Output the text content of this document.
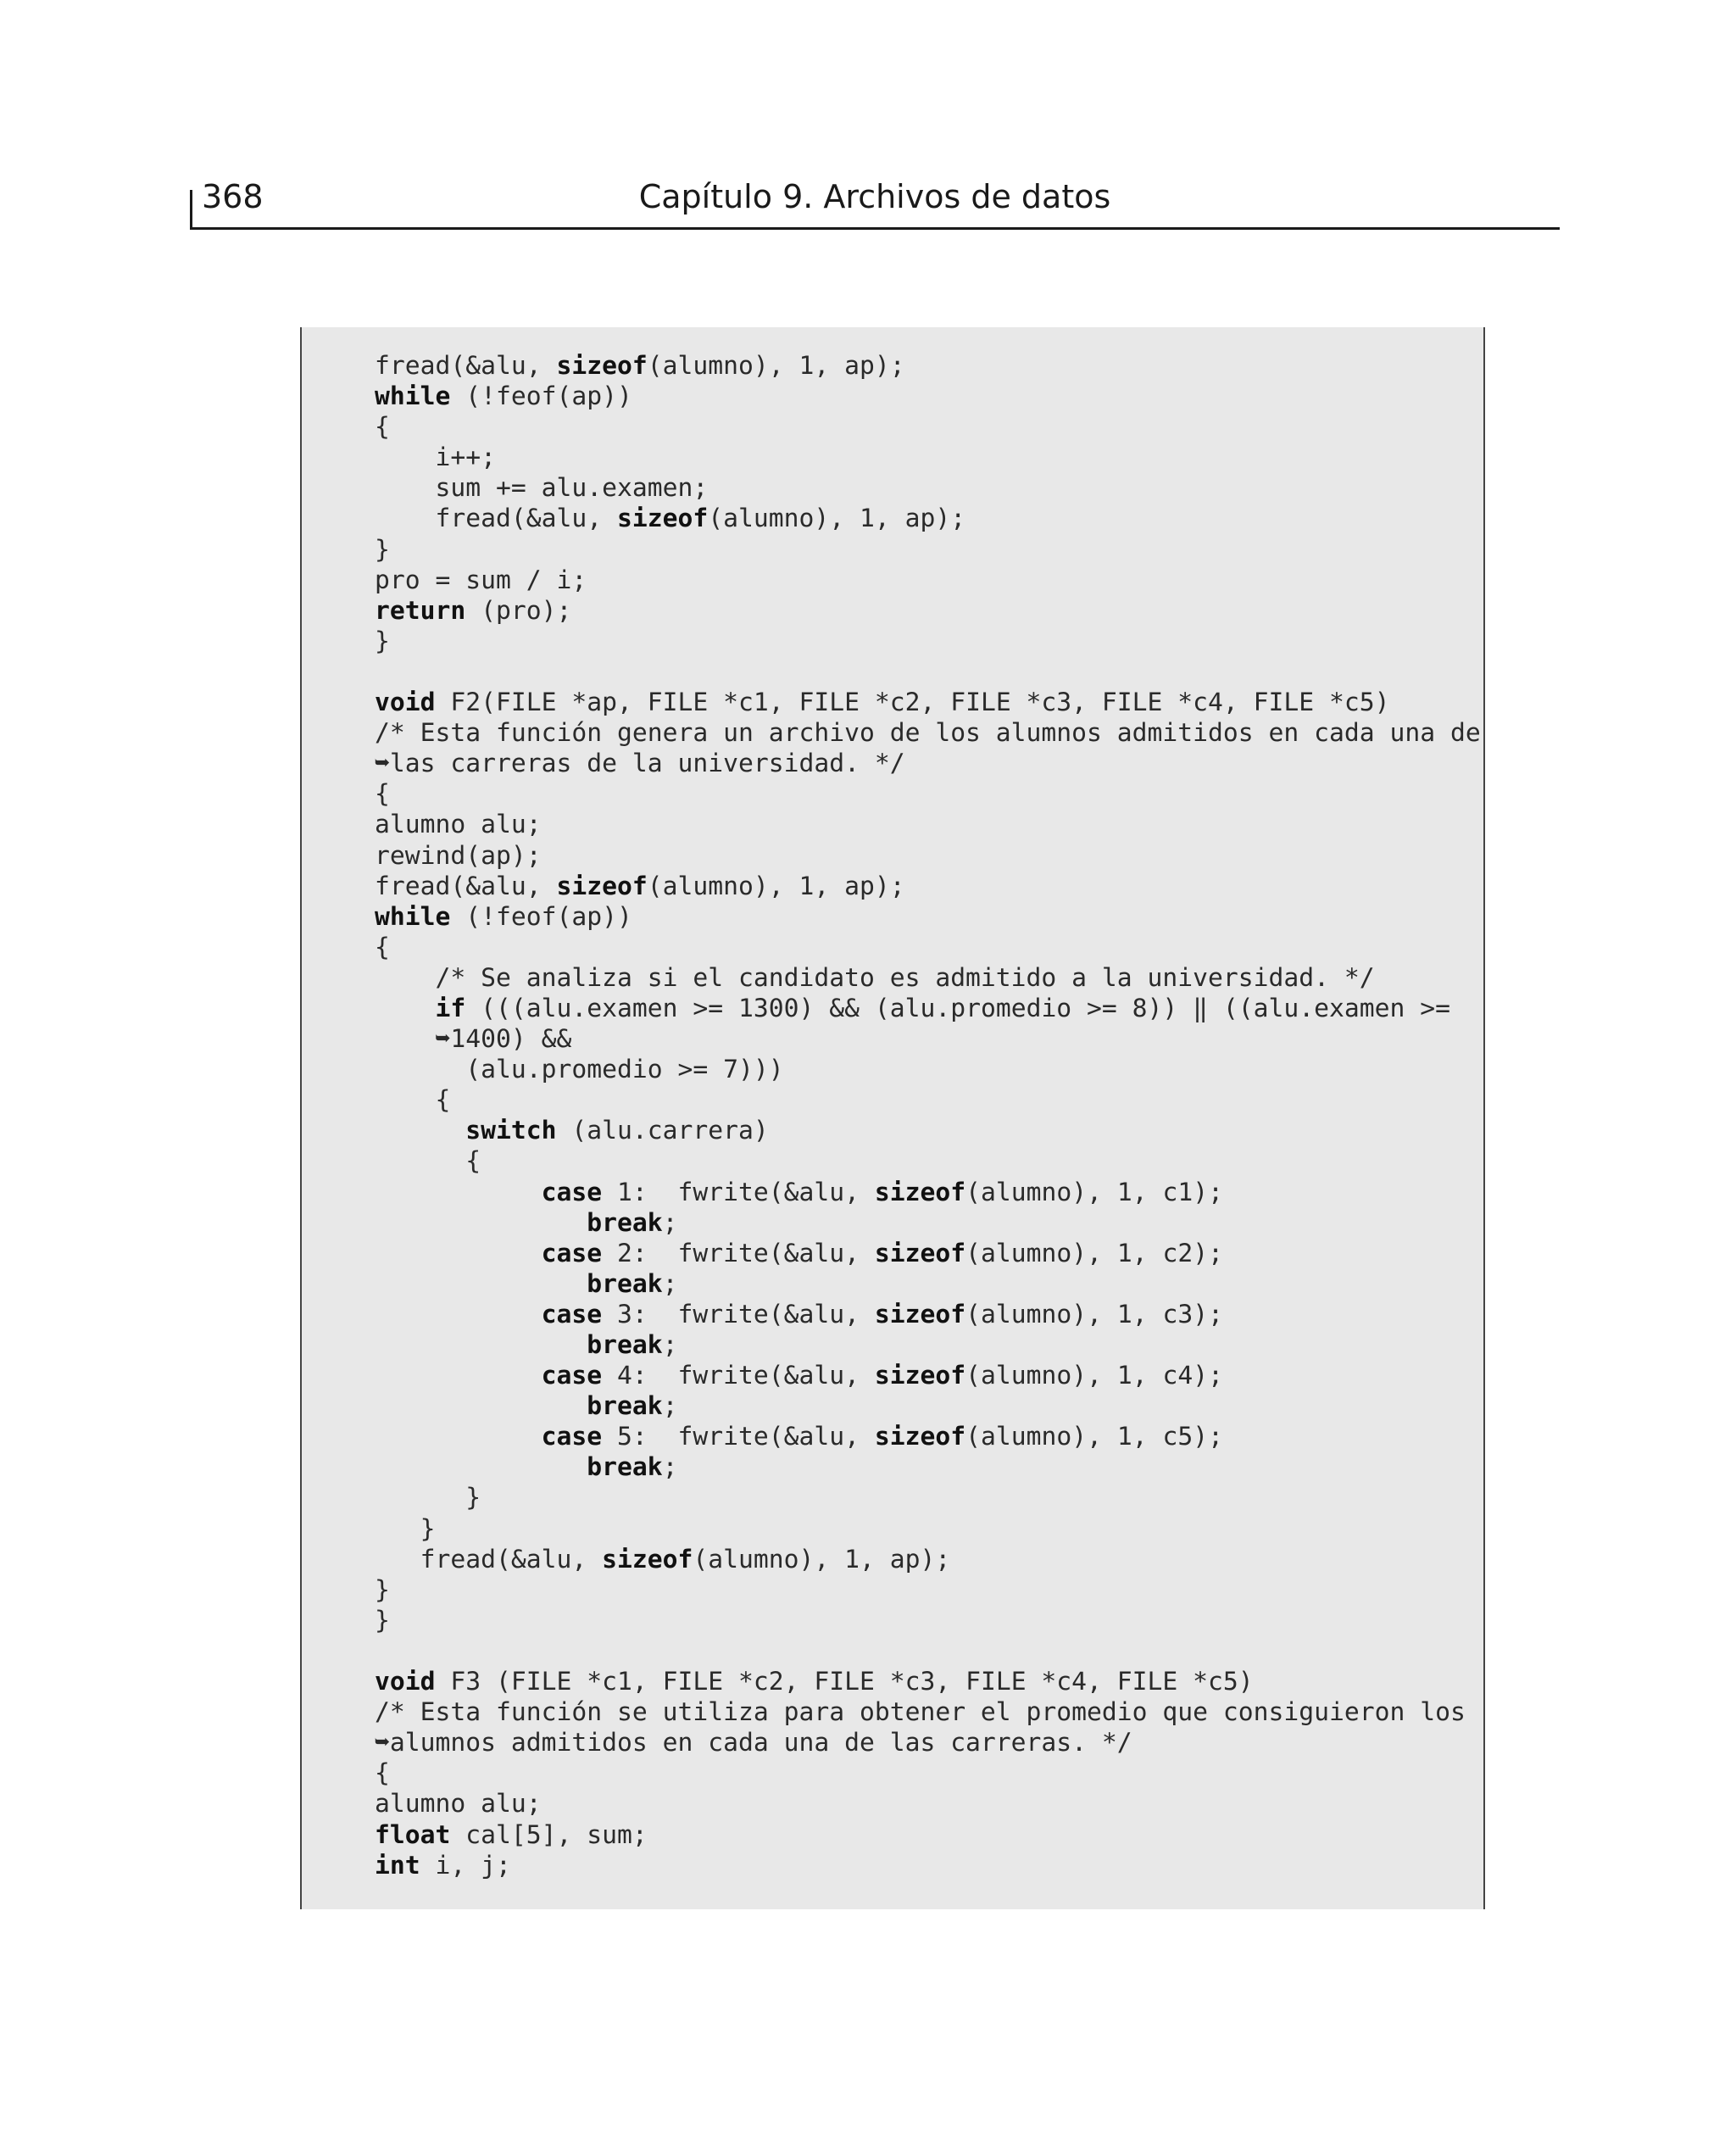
368	Capítulo 9. Archivos de datos
fread(&alu, sizeof(alumno), 1, ap);
while (!feof(ap))
{
i++;
sum += alu.examen;
fread(&alu, sizeof(alumno), 1, ap);
}
pro = sum / i;
return (pro);
}
void F2(FILE *ap, FILE *c1, FILE *c2, FILE *c3, FILE *c4, FILE *c5)
/* Esta función genera un archivo de los alumnos admitidos en cada una de
➥las carreras de la universidad. */
{
alumno alu;
rewind(ap);
fread(&alu, sizeof(alumno), 1, ap);
while (!feof(ap))
{
/* Se analiza si el candidato es admitido a la universidad. */
if (((alu.examen >= 1300) && (alu.promedio >= 8)) ‖ ((alu.examen >=
➥1400) &&
(alu.promedio >= 7)))
{
switch (alu.carrera)
{
case 1:  fwrite(&alu, sizeof(alumno), 1, c1);
break;
case 2:  fwrite(&alu, sizeof(alumno), 1, c2);
break;
case 3:  fwrite(&alu, sizeof(alumno), 1, c3);
break;
case 4:  fwrite(&alu, sizeof(alumno), 1, c4);
break;
case 5:  fwrite(&alu, sizeof(alumno), 1, c5);
break;
}
}
fread(&alu, sizeof(alumno), 1, ap);
}
}
void F3 (FILE *c1, FILE *c2, FILE *c3, FILE *c4, FILE *c5)
/* Esta función se utiliza para obtener el promedio que consiguieron los
➥alumnos admitidos en cada una de las carreras. */
{
alumno alu;
float cal[5], sum;
int i, j;
